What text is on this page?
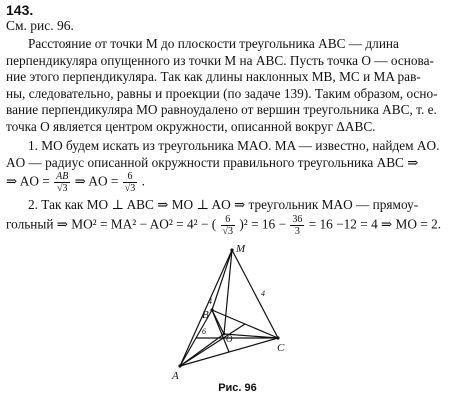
143.
См. рис. 96.
Расстояние от точки M до плоскости треугольника ABC — длина
перпендикуляра опущенного из точки M на ABC. Пусть точка O — основа-
ние этого перпендикуляра. Так как длины наклонных MB, MC и MA рав-
ны, следовательно, равны и проекции (по задаче 139). Таким образом, осно-
вание перпендикуляра MO равноудалено от вершин треугольника ABC, т. е.
точка O является центром окружности, описанной вокруг ΔABC.
1. MO будем искать из треугольника MAO. MA — известно, найдем AO.
AO — радиус описанной окружности правильного треугольника ABC ⇒
⇒ AO = $\frac{AB}{√3}$ ⇒ AO = $\frac{6}{√3}$ .
2. Так как MO ⊥ ABC ⇒ MO ⊥ AO ⇒ треугольник MAO — прямоу-
гольный ⇒ MO² = MA² − AO² = 4² − ( $\frac{6}{√3} )^2 = 16 - \frac{36}{3} = 16 -12 = 4$ ⇒ MO = 2.
M
A
B
C
O
4
4
6
Рис. 96
